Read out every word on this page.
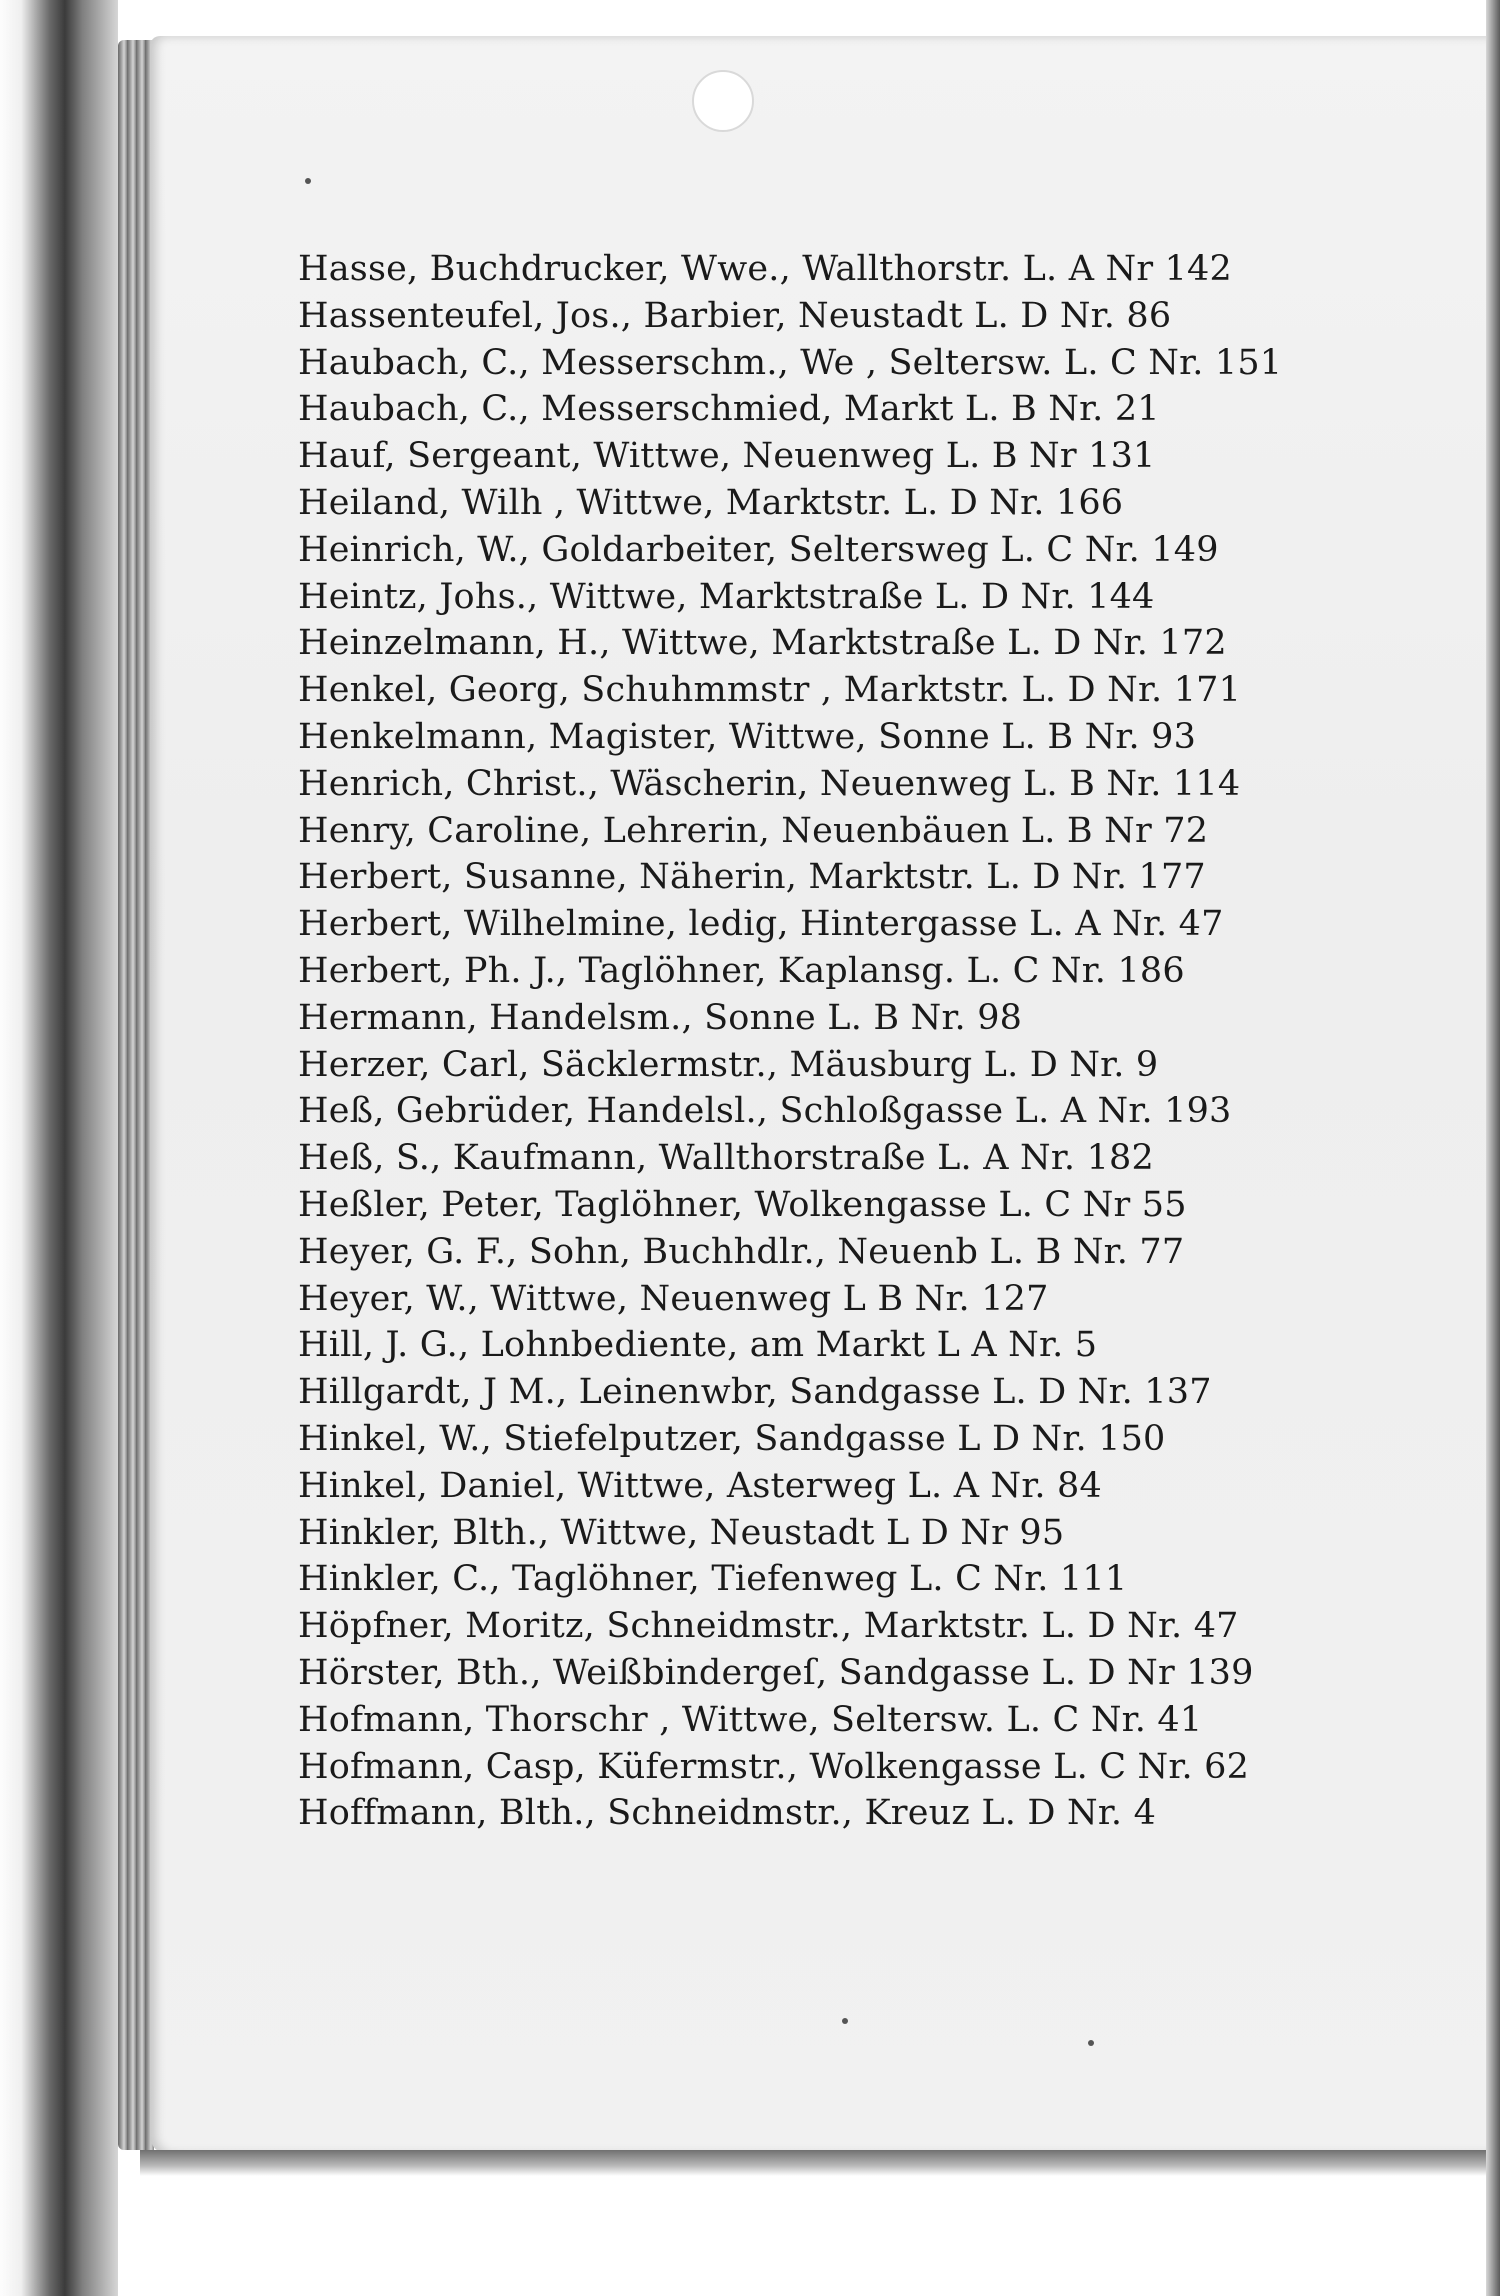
Hasse, Buchdrucker, Wwe., Wallthorstr. L. A Nr 142
Hassenteufel, Jos., Barbier, Neustadt L. D Nr. 86
Haubach, C., Messerschm., We , Selterѕw. L. C Nr. 151
Haubach, C., Messerschmied, Markt L. B Nr. 21
Hauf, Sergeant, Wittwe, Neuenweg L. B Nr 131
Heiland, Wilh , Wittwe, Marktstr. L. D Nr. 166
Heinrich, W., Goldarbeiter, Seltersweg L. C Nr. 149
Heintz, Johs., Wittwe, Marktstraße L. D Nr. 144
Heinzelmann, H., Wittwe, Marktstraße L. D Nr. 172
Henkel, Georg, Schuhmmstr , Marktstr. L. D Nr. 171
Henkelmann, Magister, Wittwe, Sonne L. B Nr. 93
Henrich, Christ., Wäscherin, Neuenweg L. B Nr. 114
Henry, Caroline, Lehrerin, Neuenbäuen L. B Nr 72
Herbert, Susanne, Näherin, Marktstr. L. D Nr. 177
Herbert, Wilhelmine, ledig, Hintergasse L. A Nr. 47
Herbert, Ph. J., Taglöhner, Kaplansg. L. C Nr. 186
Hermann, Handelsm., Sonne L. B Nr. 98
Herzer, Carl, Säcklermstr., Mäusburg L. D Nr. 9
Heß, Gebrüder, Handelsl., Schloßgasse L. A Nr. 193
Heß, S., Kaufmann, Wallthorstraße L. A Nr. 182
Heßler, Peter, Taglöhner, Wolkengasse L. C Nr 55
Heyer, G. F., Sohn, Buchhdlr., Neuenb L. B Nr. 77
Heyer, W., Wittwe, Neuenweg L B Nr. 127
Hill, J. G., Lohnbediente, am Markt L A Nr. 5
Hillgardt, J M., Leinenwbr, Sandgasse L. D Nr. 137
Hinkel, W., Stiefelputzer, Sandgasse L D Nr. 150
Hinkel, Daniel, Wittwe, Asterweg L. A Nr. 84
Hinkler, Blth., Wittwe, Neustadt L D Nr 95
Hinkler, C., Taglöhner, Tiefenweg L. C Nr. 111
Höpfner, Moritz, Schneidmstr., Marktstr. L. D Nr. 47
Hörster, Bth., Weißbindergeſ, Sandgasse L. D Nr 139
Hofmann, Thorschr , Wittwe, Seltersw. L. C Nr. 41
Hofmann, Casp, Küfermstr., Wolkengasse L. C Nr. 62
Hoffmann, Blth., Schneidmstr., Kreuz L. D Nr. 4
